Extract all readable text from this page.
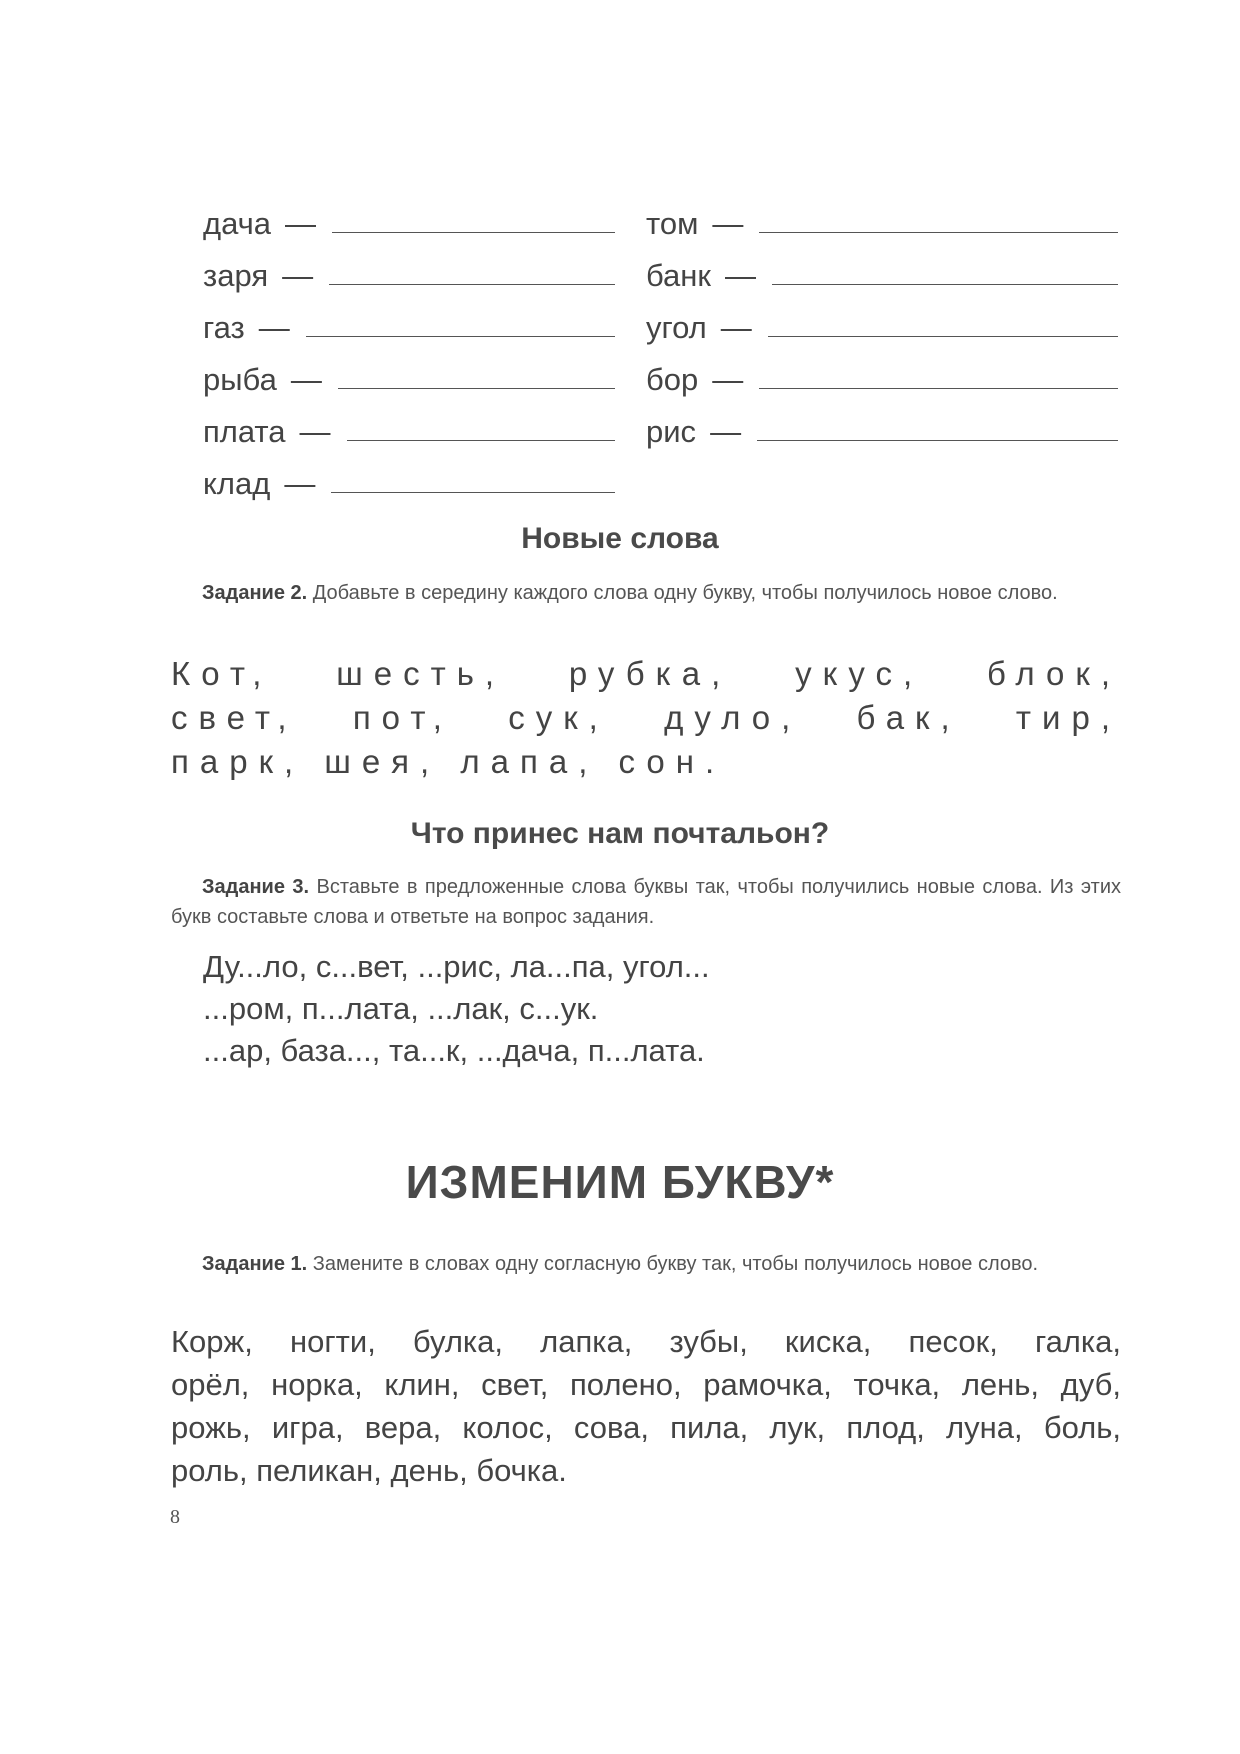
дача —
заря —
газ —
рыба —
плата —
клад —
том —
банк —
угол —
бор —
рис —
Новые слова
Задание 2. Добавьте в середину каждого слова одну букву, чтобы получилось новое слово.
Кот, шесть, рубка, укус, блок,
свет, пот, сук, дуло, бак, тир,
парк, шея, лапа, сон.
Что принес нам почтальон?
Задание 3. Вставьте в предложенные слова буквы так, чтобы получились новые слова. Из этих букв составьте слова и ответьте на вопрос задания.
Ду...ло, с...вет, ...рис, ла...па, угол...
...ром, п...лата, ...лак, с...ук.
...ар, база..., та...к, ...дача, п...лата.
ИЗМЕНИМ БУКВУ*
Задание 1. Замените в словах одну согласную букву так, чтобы получилось новое слово.
Корж, ногти, булка, лапка, зубы, киска, песок, галка,
орёл, норка, клин, свет, полено, рамочка, точка, лень, дуб,
рожь, игра, вера, колос, сова, пила, лук, плод, луна, боль,
роль, пеликан, день, бочка.
8
